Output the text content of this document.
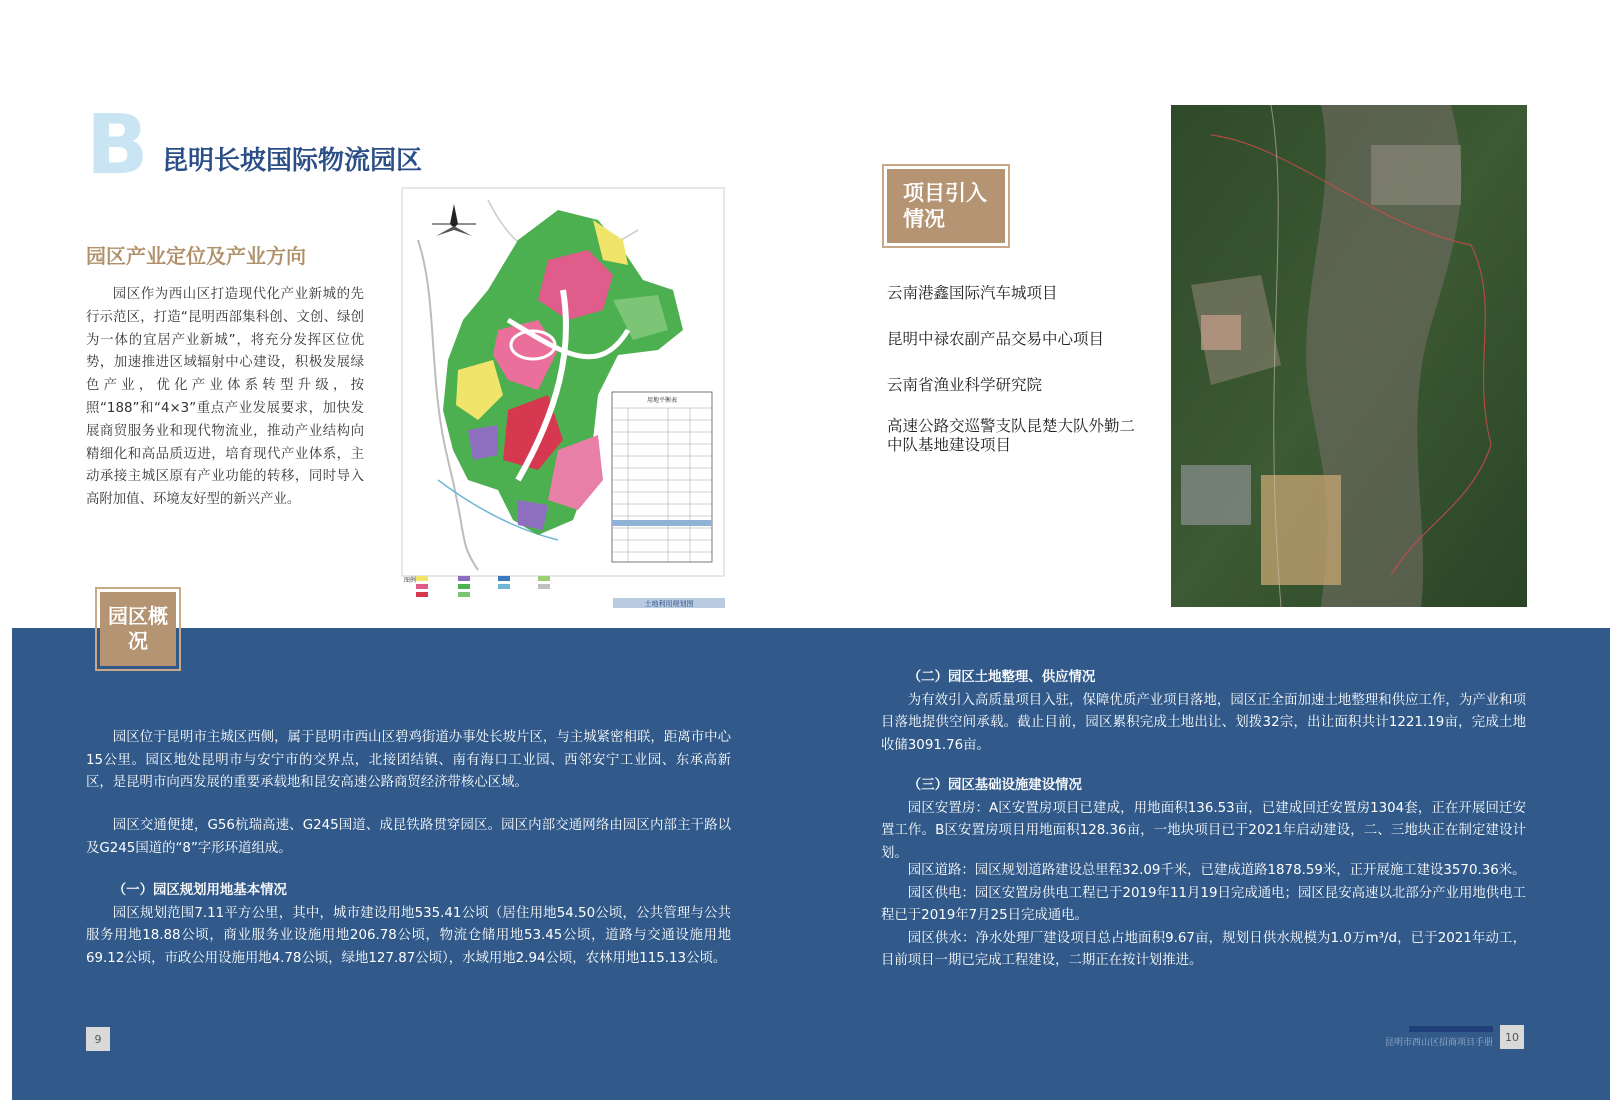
B 昆明长坡国际物流园区
园区产业定位及产业方向

园区作为西山区打造现代化产业新城的先行示范区，打造“昆明西部集科创、文创、绿创为一体的宜居产业新城”，将充分发挥区位优势，加速推进区域辐射中心建设，积极发展绿色产业，优化产业体系转型升级，按照“188”和“4×3”重点产业发展要求，加快发展商贸服务业和现代物流业，推动产业结构向精细化和高品质迈进，培育现代产业体系，主动承接主城区原有产业功能的转移，同时导入高附加值、环境友好型的新兴产业。

用地平衡表
图例
土地利用规划图
项目引入情况
云南港鑫国际汽车城项目
昆明中禄农副产品交易中心项目
云南省渔业科学研究院
高速公路交巡警支队昆楚大队外勤二中队基地建设项目
园区概况

园区位于昆明市主城区西侧，属于昆明市西山区碧鸡街道办事处长坡片区，与主城紧密相联，距离市中心15公里。园区地处昆明市与安宁市的交界点，北接团结镇、南有海口工业园、西邻安宁工业园、东承高新区，是昆明市向西发展的重要承载地和昆安高速公路商贸经济带核心区域。

园区交通便捷，G56杭瑞高速、G245国道、成昆铁路贯穿园区。园区内部交通网络由园区内部主干路以及G245国道的“8”字形环道组成。

（一）园区规划用地基本情况

园区规划范围7.11平方公里，其中，城市建设用地535.41公顷（居住用地54.50公顷，公共管理与公共服务用地18.88公顷，商业服务业设施用地206.78公顷，物流仓储用地53.45公顷，道路与交通设施用地69.12公顷，市政公用设施用地4.78公顷，绿地127.87公顷），水域用地2.94公顷，农林用地115.13公顷。

（二）园区土地整理、供应情况

为有效引入高质量项目入驻，保障优质产业项目落地，园区正全面加速土地整理和供应工作，为产业和项目落地提供空间承载。截止目前，园区累积完成土地出让、划拨32宗，出让面积共计1221.19亩，完成土地收储3091.76亩。

（三）园区基础设施建设情况

园区安置房：A区安置房项目已建成，用地面积136.53亩，已建成回迁安置房1304套，正在开展回迁安置工作。B区安置房项目用地面积128.36亩，一地块项目已于2021年启动建设，二、三地块正在制定建设计划。

园区道路：园区规划道路建设总里程32.09千米，已建成道路1878.59米，正开展施工建设3570.36米。

园区供电：园区安置房供电工程已于2019年11月19日完成通电；园区昆安高速以北部分产业用地供电工程已于2019年7月25日完成通电。

园区供水：净水处理厂建设项目总占地面积9.67亩，规划日供水规模为1.0万m³/d，已于2021年动工，目前项目一期已完成工程建设，二期正在按计划推进。

9	昆明市西山区招商项目手册	10
